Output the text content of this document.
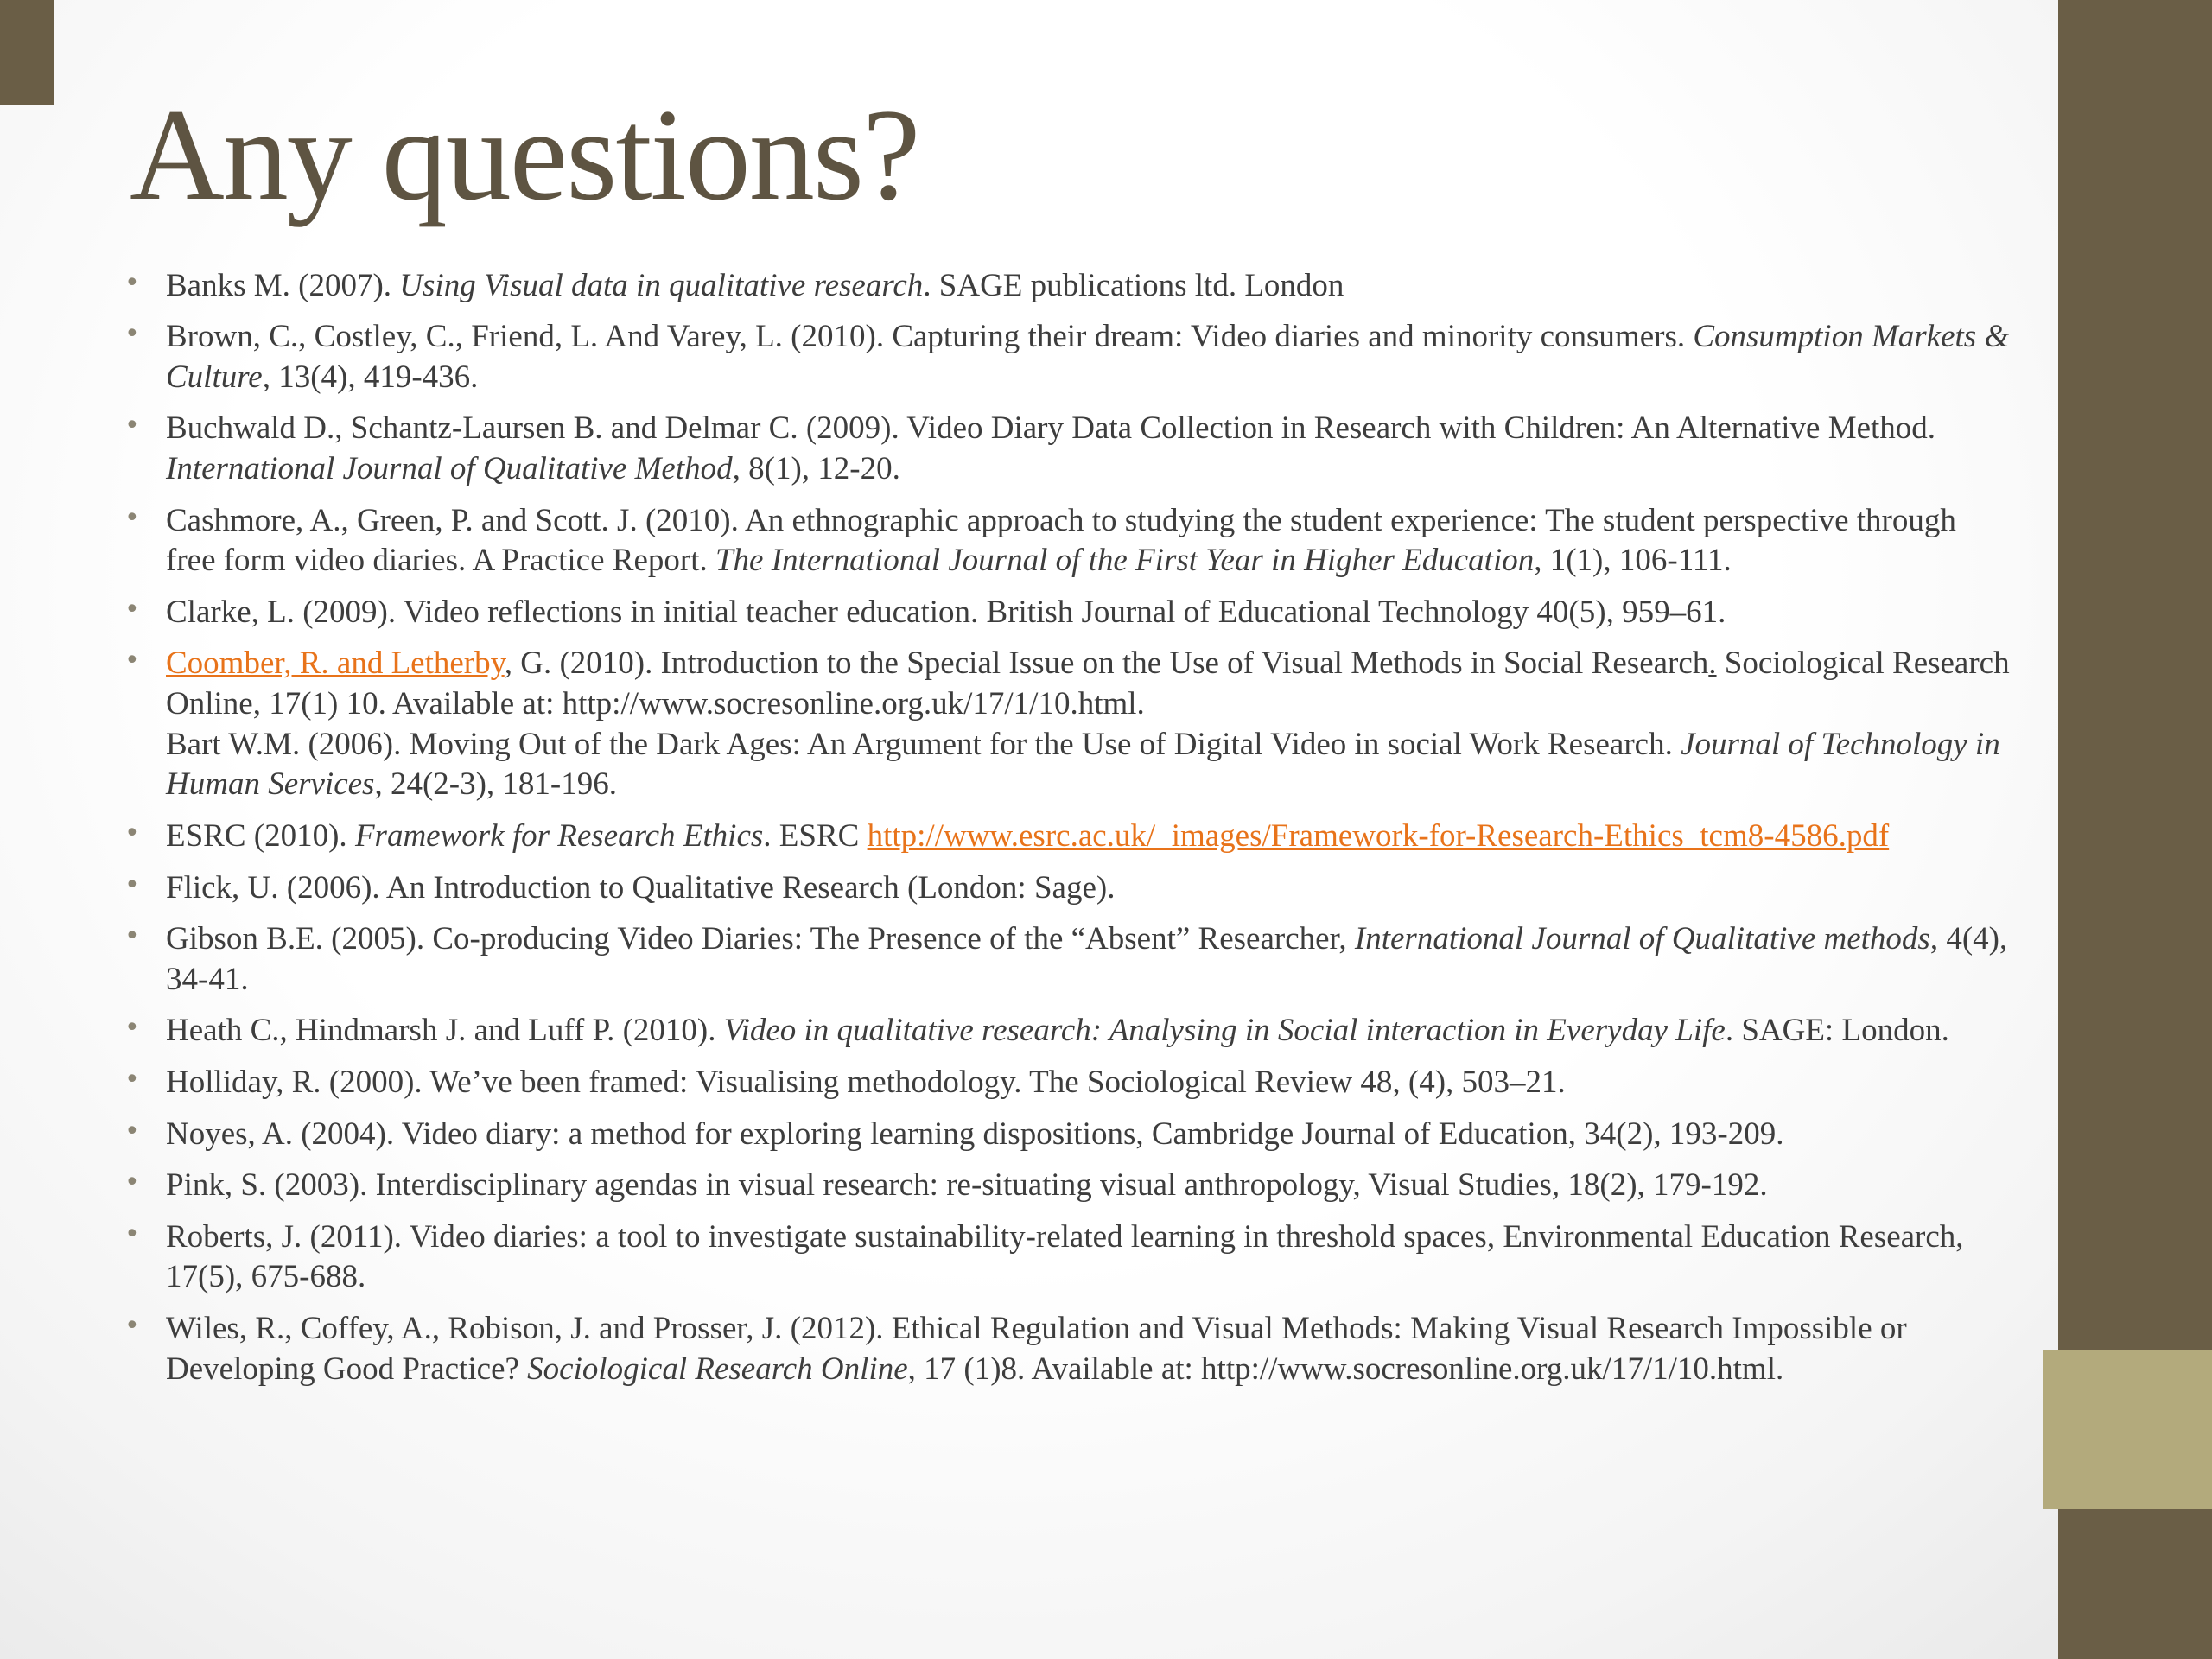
Any questions?
• Banks M. (2007). Using Visual data in qualitative research. SAGE publications ltd. London
• Brown, C., Costley, C., Friend, L. And Varey, L. (2010). Capturing their dream: Video diaries and minority consumers. Consumption Markets & Culture, 13(4), 419-436.
• Buchwald D., Schantz-Laursen B. and Delmar C. (2009). Video Diary Data Collection in Research with Children: An Alternative Method. International Journal of Qualitative Method, 8(1), 12-20.
• Cashmore, A., Green, P. and Scott. J. (2010). An ethnographic approach to studying the student experience: The student perspective through free form video diaries. A Practice Report. The International Journal of the First Year in Higher Education, 1(1), 106-111.
• Clarke, L. (2009). Video reflections in initial teacher education. British Journal of Educational Technology 40(5), 959–61.
• Coomber, R. and Letherby, G. (2010). Introduction to the Special Issue on the Use of Visual Methods in Social Research. Sociological Research Online, 17(1) 10. Available at: http://www.socresonline.org.uk/17/1/10.html.
Bart W.M. (2006). Moving Out of the Dark Ages: An Argument for the Use of Digital Video in social Work Research. Journal of Technology in Human Services, 24(2-3), 181-196.
• ESRC (2010). Framework for Research Ethics. ESRC http://www.esrc.ac.uk/_images/Framework-for-Research-Ethics_tcm8-4586.pdf
• Flick, U. (2006). An Introduction to Qualitative Research (London: Sage).
• Gibson B.E. (2005). Co-producing Video Diaries: The Presence of the “Absent” Researcher, International Journal of Qualitative methods, 4(4), 34-41.
• Heath C., Hindmarsh J. and Luff P. (2010). Video in qualitative research: Analysing in Social interaction in Everyday Life. SAGE: London.
• Holliday, R. (2000). We’ve been framed: Visualising methodology. The Sociological Review 48, (4), 503–21.
• Noyes, A. (2004). Video diary: a method for exploring learning dispositions, Cambridge Journal of Education, 34(2), 193-209.
• Pink, S. (2003). Interdisciplinary agendas in visual research: re-situating visual anthropology, Visual Studies, 18(2), 179-192.
• Roberts, J. (2011). Video diaries: a tool to investigate sustainability-related learning in threshold spaces, Environmental Education Research, 17(5), 675-688.
• Wiles, R., Coffey, A., Robison, J. and Prosser, J. (2012). Ethical Regulation and Visual Methods: Making Visual Research Impossible or Developing Good Practice? Sociological Research Online, 17 (1)8. Available at: http://www.socresonline.org.uk/17/1/10.html.
